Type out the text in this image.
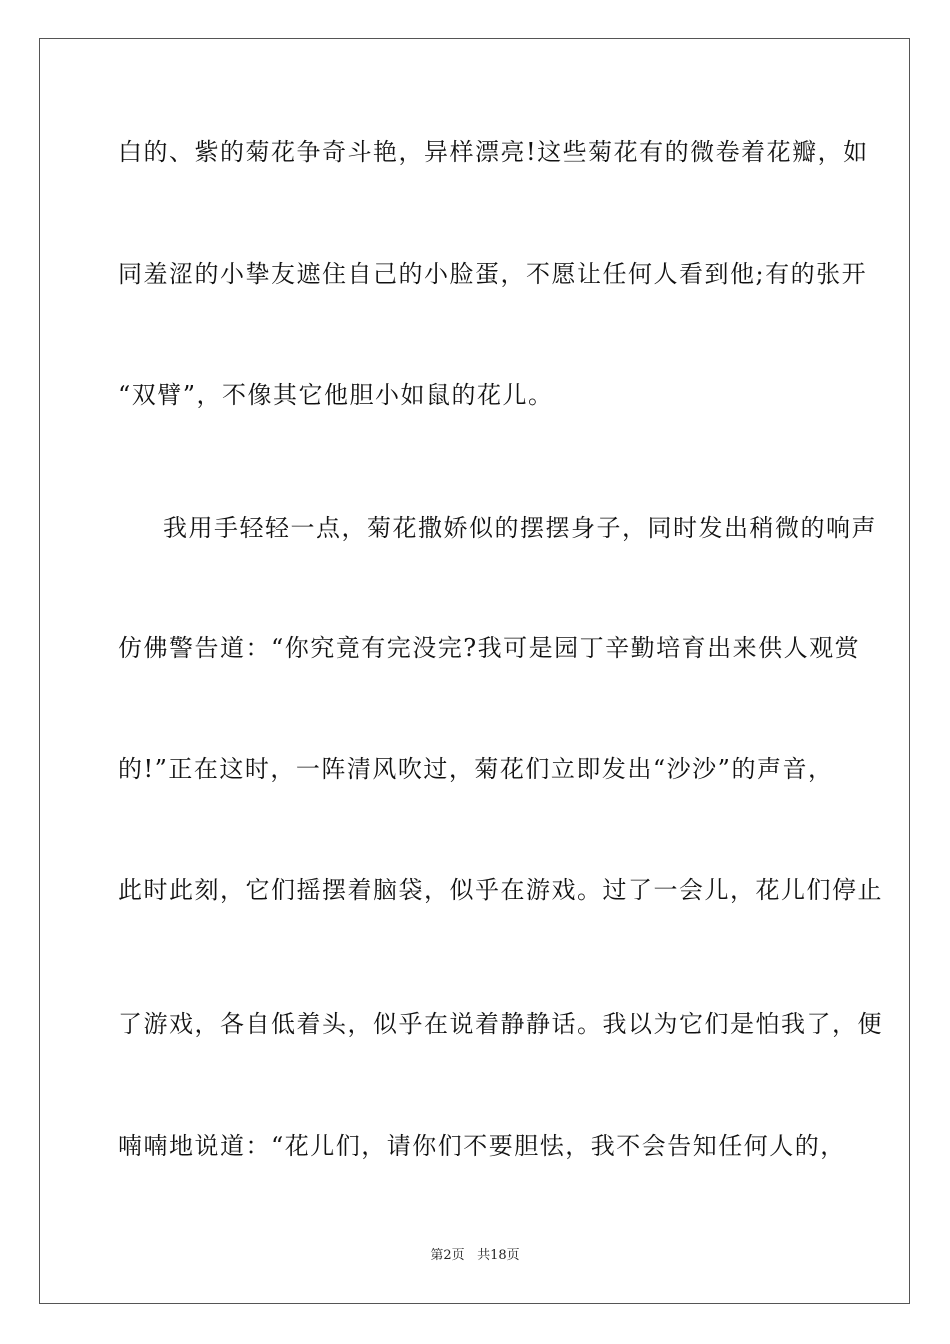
白的、紫的菊花争奇斗艳，异样漂亮!这些菊花有的微卷着花瓣，如
同羞涩的小挚友遮住自己的小脸蛋，不愿让任何人看到他;有的张开
“双臂”，不像其它他胆小如鼠的花儿。
我用手轻轻一点，菊花撒娇似的摆摆身子，同时发出稍微的响声
仿佛警告道：“你究竟有完没完?我可是园丁辛勤培育出来供人观赏
的!”正在这时，一阵清风吹过，菊花们立即发出“沙沙”的声音，
此时此刻，它们摇摆着脑袋，似乎在游戏。过了一会儿，花儿们停止
了游戏，各自低着头，似乎在说着静静话。我以为它们是怕我了，便
喃喃地说道：“花儿们，请你们不要胆怯，我不会告知任何人的，
第2页 共18页
